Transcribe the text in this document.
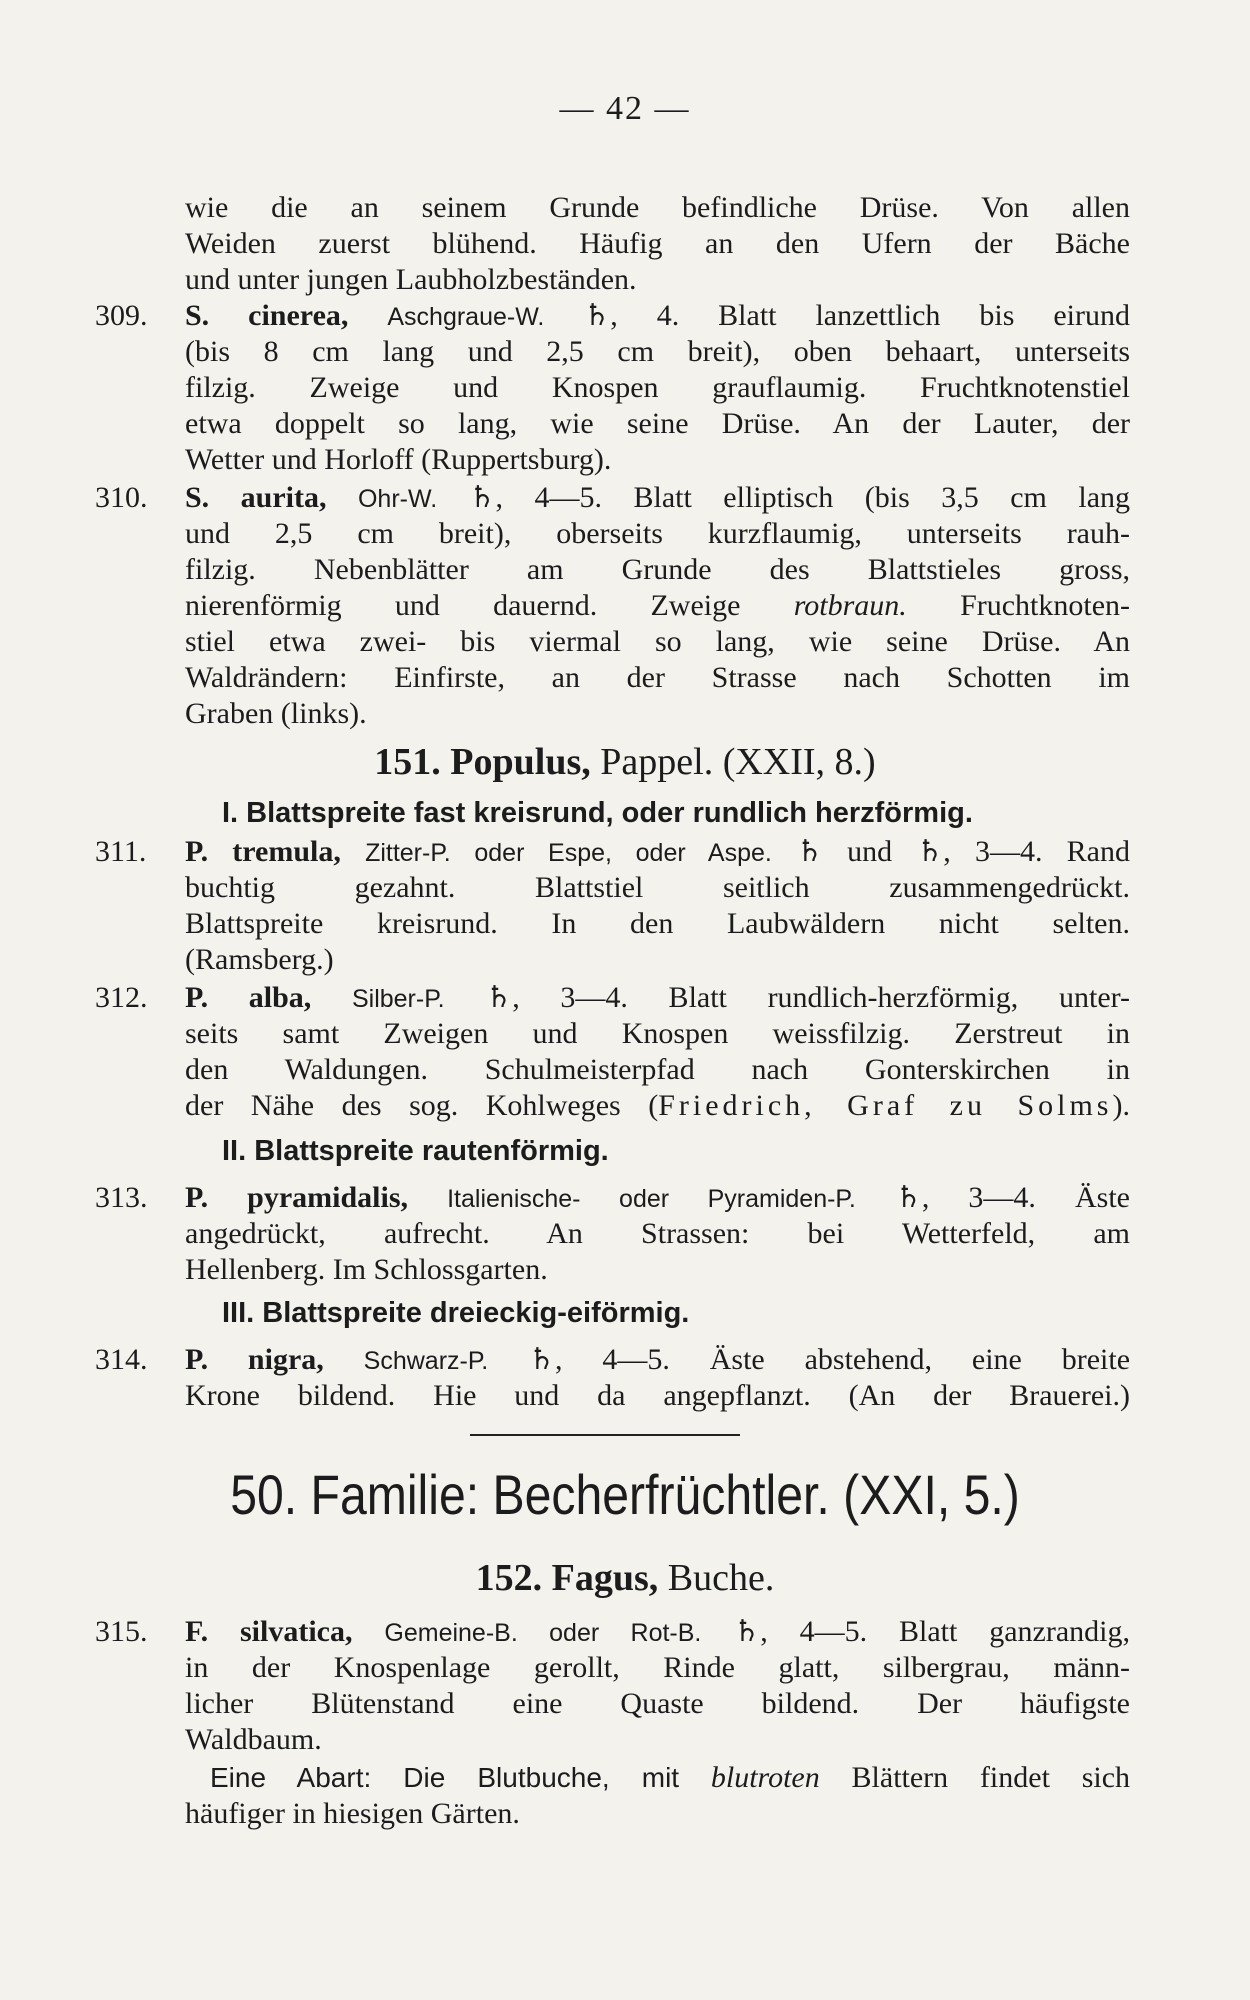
— 42 —
wie die an seinem Grunde befindliche Drüse. Von allen
Weiden zuerst blühend. Häufig an den Ufern der Bäche
und unter jungen Laubholzbeständen.
309. S. cinerea, Aschgraue-W. ♄, 4. Blatt lanzettlich bis eirund
(bis 8 cm lang und 2,5 cm breit), oben behaart, unterseits
filzig. Zweige und Knospen grauflaumig. Fruchtknotenstiel
etwa doppelt so lang, wie seine Drüse. An der Lauter, der
Wetter und Horloff (Ruppertsburg).
310. S. aurita, Ohr-W. ♄, 4—5. Blatt elliptisch (bis 3,5 cm lang
und 2,5 cm breit), oberseits kurzflaumig, unterseits rauh-
filzig. Nebenblätter am Grunde des Blattstieles gross,
nierenförmig und dauernd. Zweige rotbraun. Fruchtknoten-
stiel etwa zwei- bis viermal so lang, wie seine Drüse. An
Waldrändern: Einfirste, an der Strasse nach Schotten im
Graben (links).
151. Populus, Pappel. (XXII, 8.)
I. Blattspreite fast kreisrund, oder rundlich herzförmig.
311. P. tremula, Zitter-P. oder Espe, oder Aspe. ♄ und ♄, 3—4. Rand
buchtig gezahnt. Blattstiel seitlich zusammengedrückt.
Blattspreite kreisrund. In den Laubwäldern nicht selten.
(Ramsberg.)
312. P. alba, Silber-P. ♄, 3—4. Blatt rundlich-herzförmig, unter-
seits samt Zweigen und Knospen weissfilzig. Zerstreut in
den Waldungen. Schulmeisterpfad nach Gonterskirchen in
der Nähe des sog. Kohlweges (Friedrich, Graf zu Solms).
II. Blattspreite rautenförmig.
313. P. pyramidalis, Italienische- oder Pyramiden-P. ♄, 3—4. Äste
angedrückt, aufrecht. An Strassen: bei Wetterfeld, am
Hellenberg. Im Schlossgarten.
III. Blattspreite dreieckig-eiförmig.
314. P. nigra, Schwarz-P. ♄, 4—5. Äste abstehend, eine breite
Krone bildend. Hie und da angepflanzt. (An der Brauerei.)
50. Familie: Becherfrüchtler. (XXI, 5.)
152. Fagus, Buche.
315. F. silvatica, Gemeine-B. oder Rot-B. ♄, 4—5. Blatt ganzrandig,
in der Knospenlage gerollt, Rinde glatt, silbergrau, männ-
licher Blütenstand eine Quaste bildend. Der häufigste
Waldbaum.
Eine Abart: Die Blutbuche, mit blutroten Blättern findet sich
häufiger in hiesigen Gärten.
